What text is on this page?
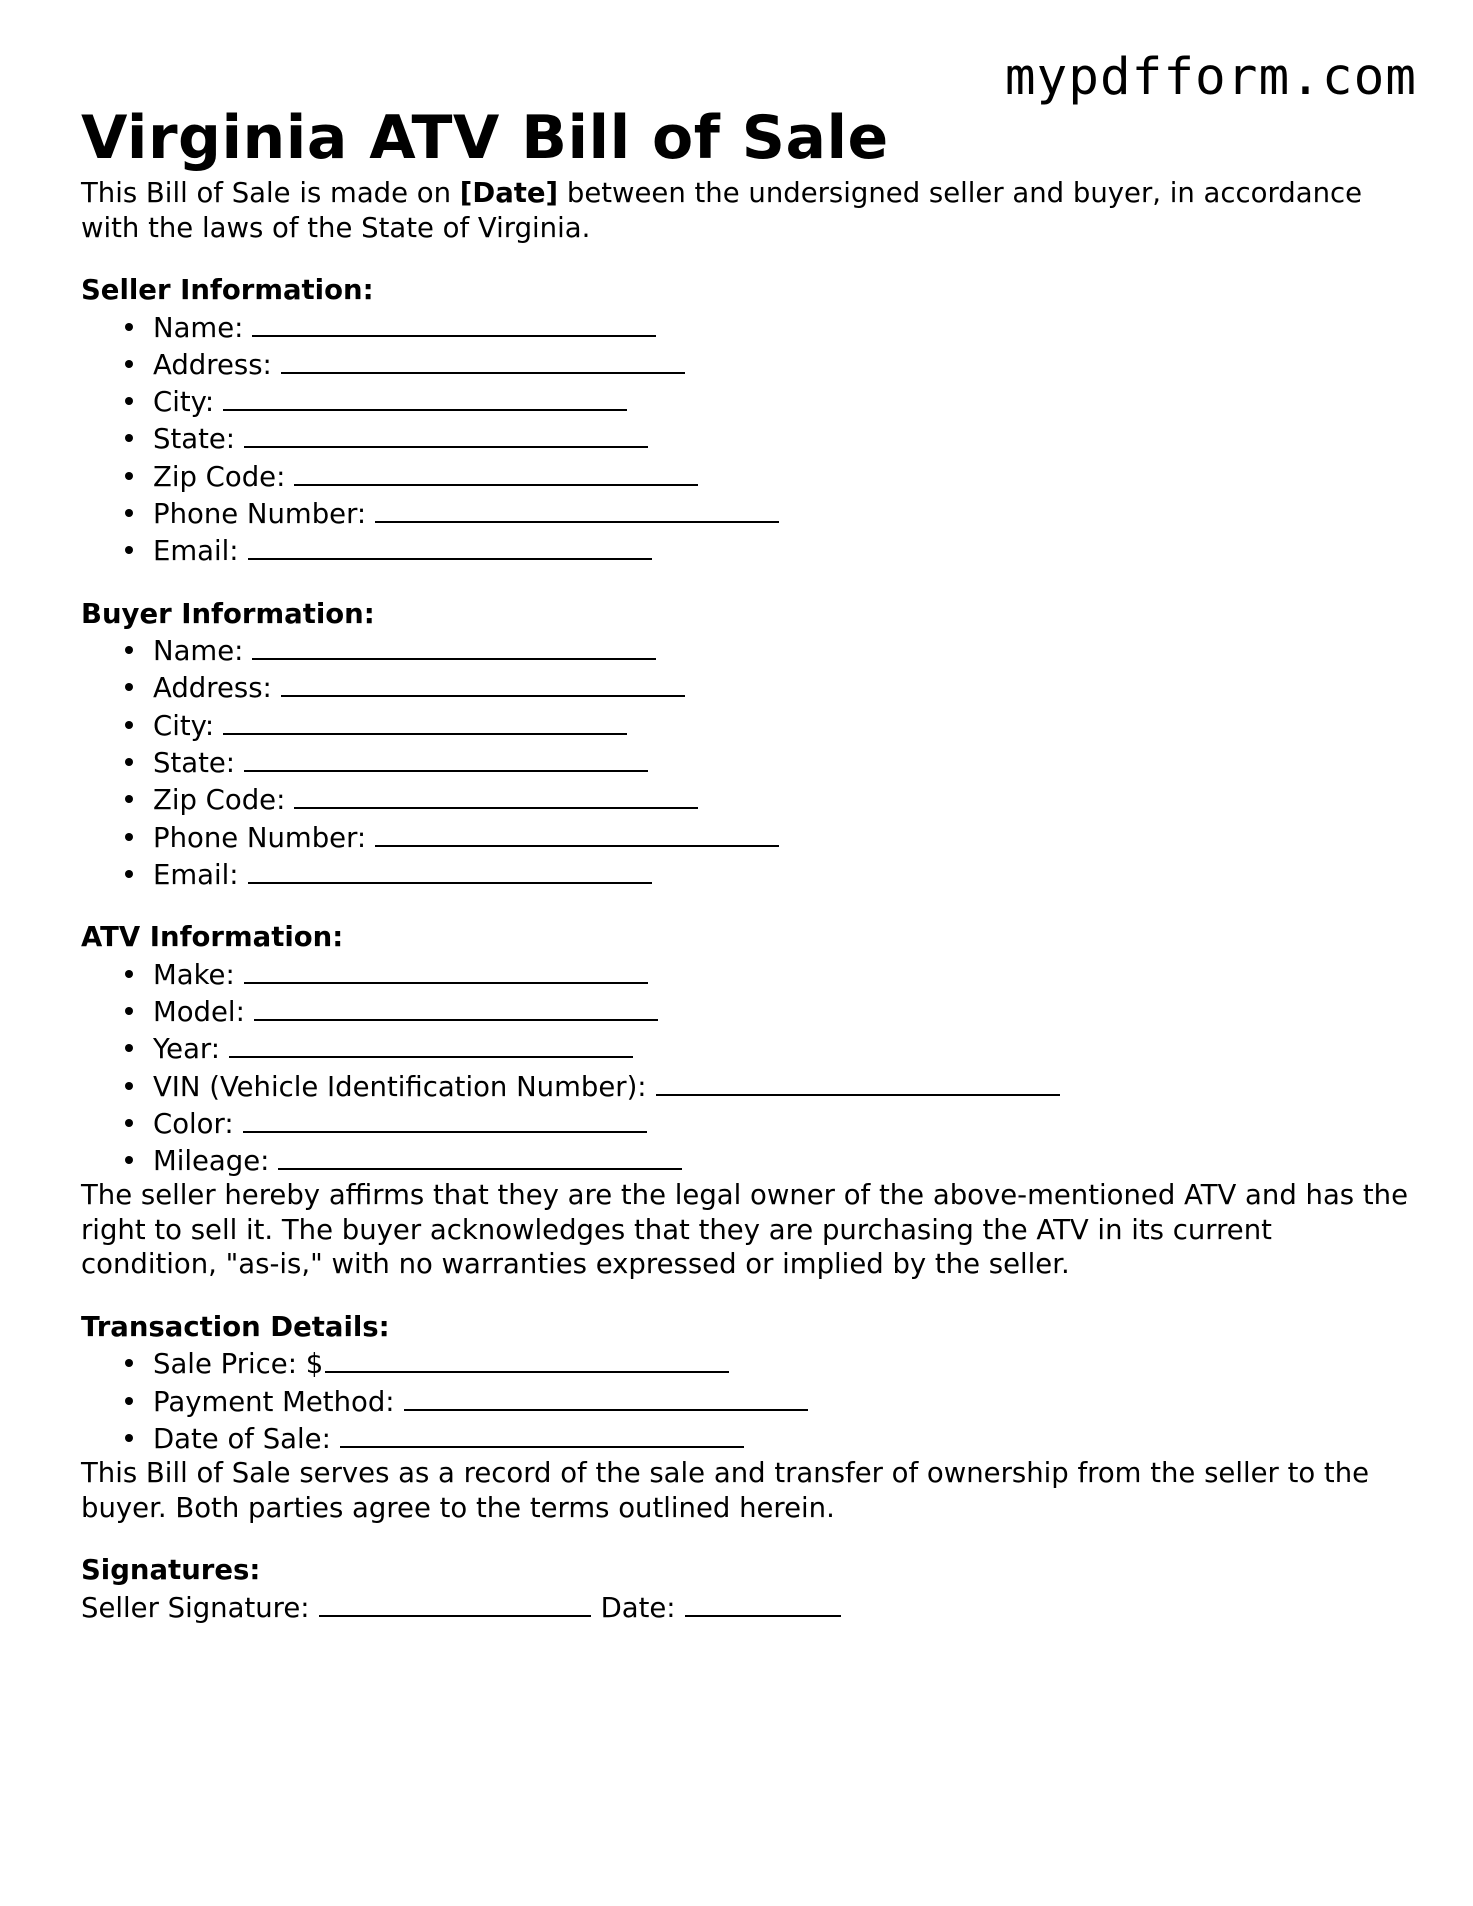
mypdfform.com
Virginia ATV Bill of Sale

This Bill of Sale is made on [Date] between the undersigned seller and buyer, in accordance with the laws of the State of Virginia.

Seller Information:

Name:
Address:
City:
State:
Zip Code:
Phone Number:
Email:

Buyer Information:

Name:
Address:
City:
State:
Zip Code:
Phone Number:
Email:

ATV Information:

Make:
Model:
Year:
VIN (Vehicle Identification Number):
Color:
Mileage:

The seller hereby affirms that they are the legal owner of the above-mentioned ATV and has the right to sell it. The buyer acknowledges that they are purchasing the ATV in its current condition, "as-is," with no warranties expressed or implied by the seller.

Transaction Details:

Sale Price: $
Payment Method:
Date of Sale:

This Bill of Sale serves as a record of the sale and transfer of ownership from the seller to the buyer. Both parties agree to the terms outlined herein.

Signatures:

Seller Signature:	Date:
